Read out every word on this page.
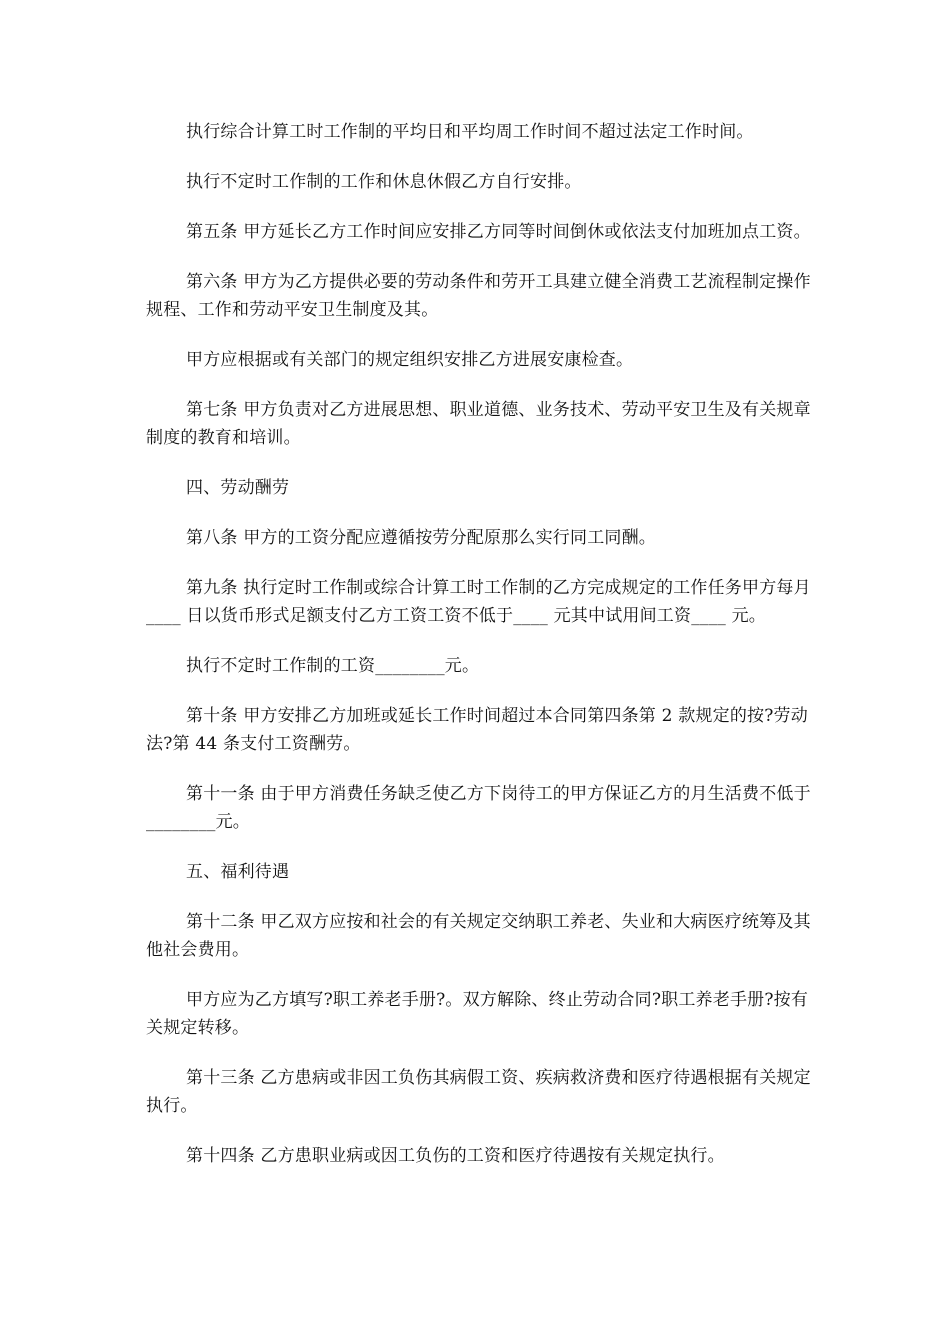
执行综合计算工时工作制的平均日和平均周工作时间不超过法定工作时间。

执行不定时工作制的工作和休息休假乙方自行安排。

第五条 甲方延长乙方工作时间应安排乙方同等时间倒休或依法支付加班加点工资。

第六条 甲方为乙方提供必要的劳动条件和劳开工具建立健全消费工艺流程制定操作规程、工作和劳动平安卫生制度及其。

甲方应根据或有关部门的规定组织安排乙方进展安康检查。

第七条 甲方负责对乙方进展思想、职业道德、业务技术、劳动平安卫生及有关规章制度的教育和培训。

四、劳动酬劳

第八条 甲方的工资分配应遵循按劳分配原那么实行同工同酬。

第九条 执行定时工作制或综合计算工时工作制的乙方完成规定的工作任务甲方每月____ 日以货币形式足额支付乙方工资工资不低于____ 元其中试用间工资____ 元。

执行不定时工作制的工资________元。

第十条 甲方安排乙方加班或延长工作时间超过本合同第四条第 2 款规定的按?劳动法?第 44 条支付工资酬劳。

第十一条 由于甲方消费任务缺乏使乙方下岗待工的甲方保证乙方的月生活费不低于________元。

五、福利待遇

第十二条 甲乙双方应按和社会的有关规定交纳职工养老、失业和大病医疗统筹及其他社会费用。

甲方应为乙方填写?职工养老手册?。双方解除、终止劳动合同?职工养老手册?按有关规定转移。

第十三条 乙方患病或非因工负伤其病假工资、疾病救济费和医疗待遇根据有关规定执行。

第十四条 乙方患职业病或因工负伤的工资和医疗待遇按有关规定执行。
